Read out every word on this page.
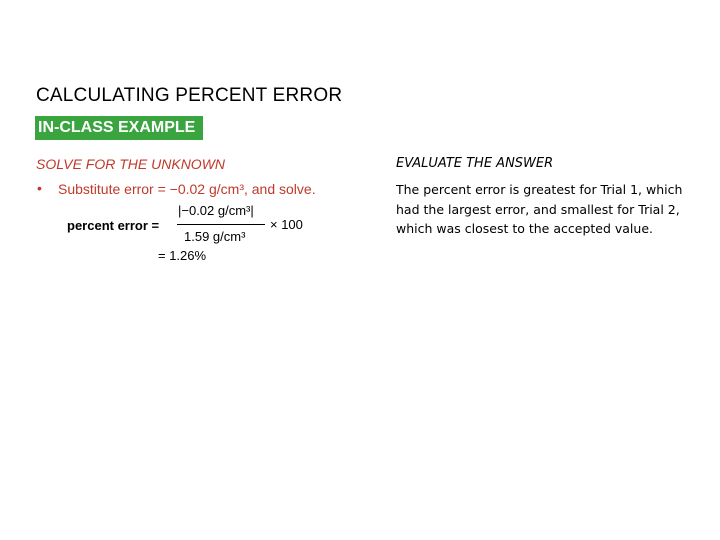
CALCULATING PERCENT ERROR
IN-CLASS EXAMPLE
SOLVE FOR THE UNKNOWN
• Substitute error = −0.02 g/cm³, and solve.
percent error =
|−0.02 g/cm³|
1.59 g/cm³
× 100
= 1.26%
EVALUATE THE ANSWER
The percent error is greatest for Trial 1, which had the largest error, and smallest for Trial 2, which was closest to the accepted value.
